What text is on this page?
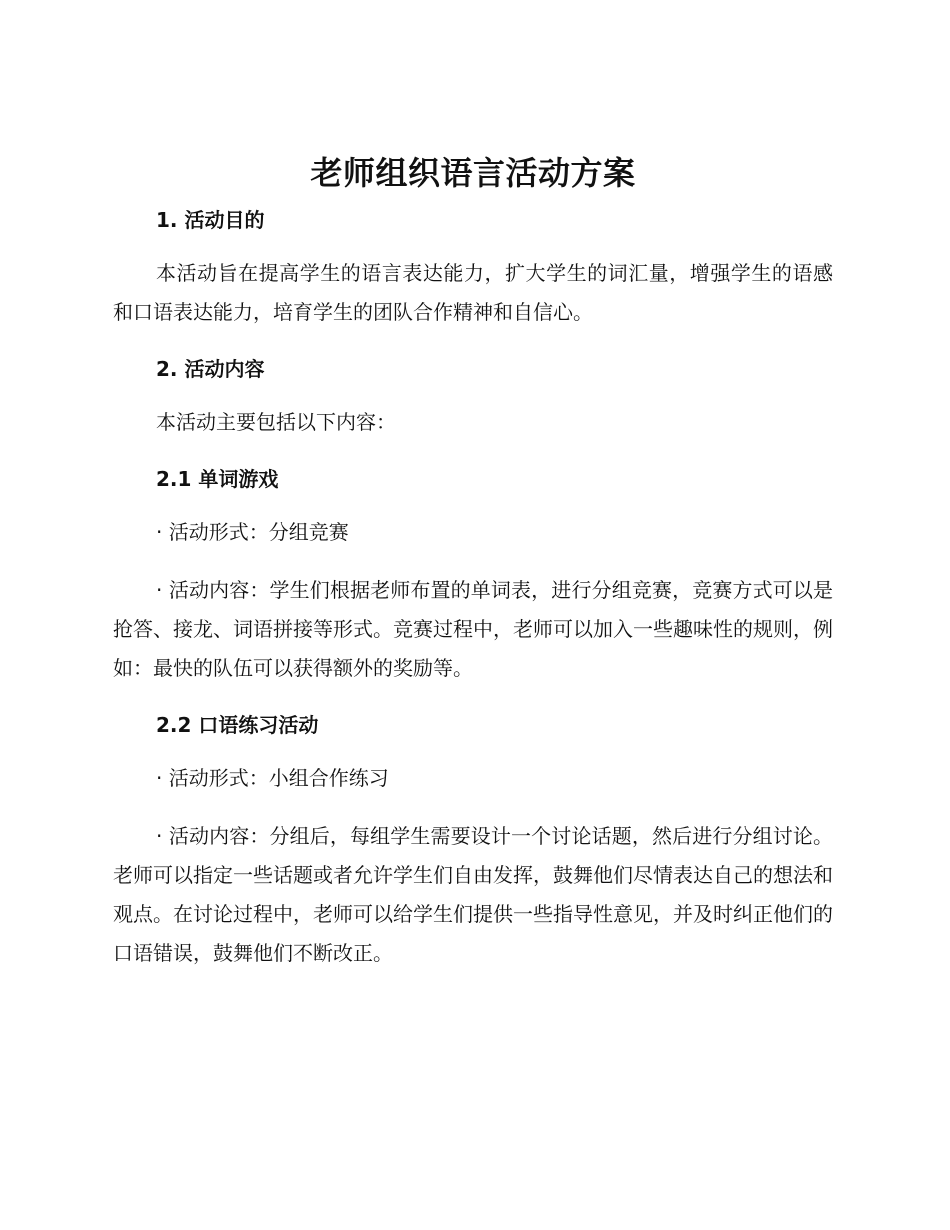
老师组织语言活动方案
1. 活动目的

本活动旨在提高学生的语言表达能力，扩大学生的词汇量，增强学生的语感和口语表达能力，培育学生的团队合作精神和自信心。

2. 活动内容

本活动主要包括以下内容：

2.1 单词游戏

· 活动形式：分组竞赛

· 活动内容：学生们根据老师布置的单词表，进行分组竞赛，竞赛方式可以是抢答、接龙、词语拼接等形式。竞赛过程中，老师可以加入一些趣味性的规则，例如：最快的队伍可以获得额外的奖励等。

2.2 口语练习活动

· 活动形式：小组合作练习

· 活动内容：分组后，每组学生需要设计一个讨论话题，然后进行分组讨论。老师可以指定一些话题或者允许学生们自由发挥，鼓舞他们尽情表达自己的想法和观点。在讨论过程中，老师可以给学生们提供一些指导性意见，并及时纠正他们的口语错误，鼓舞他们不断改正。
